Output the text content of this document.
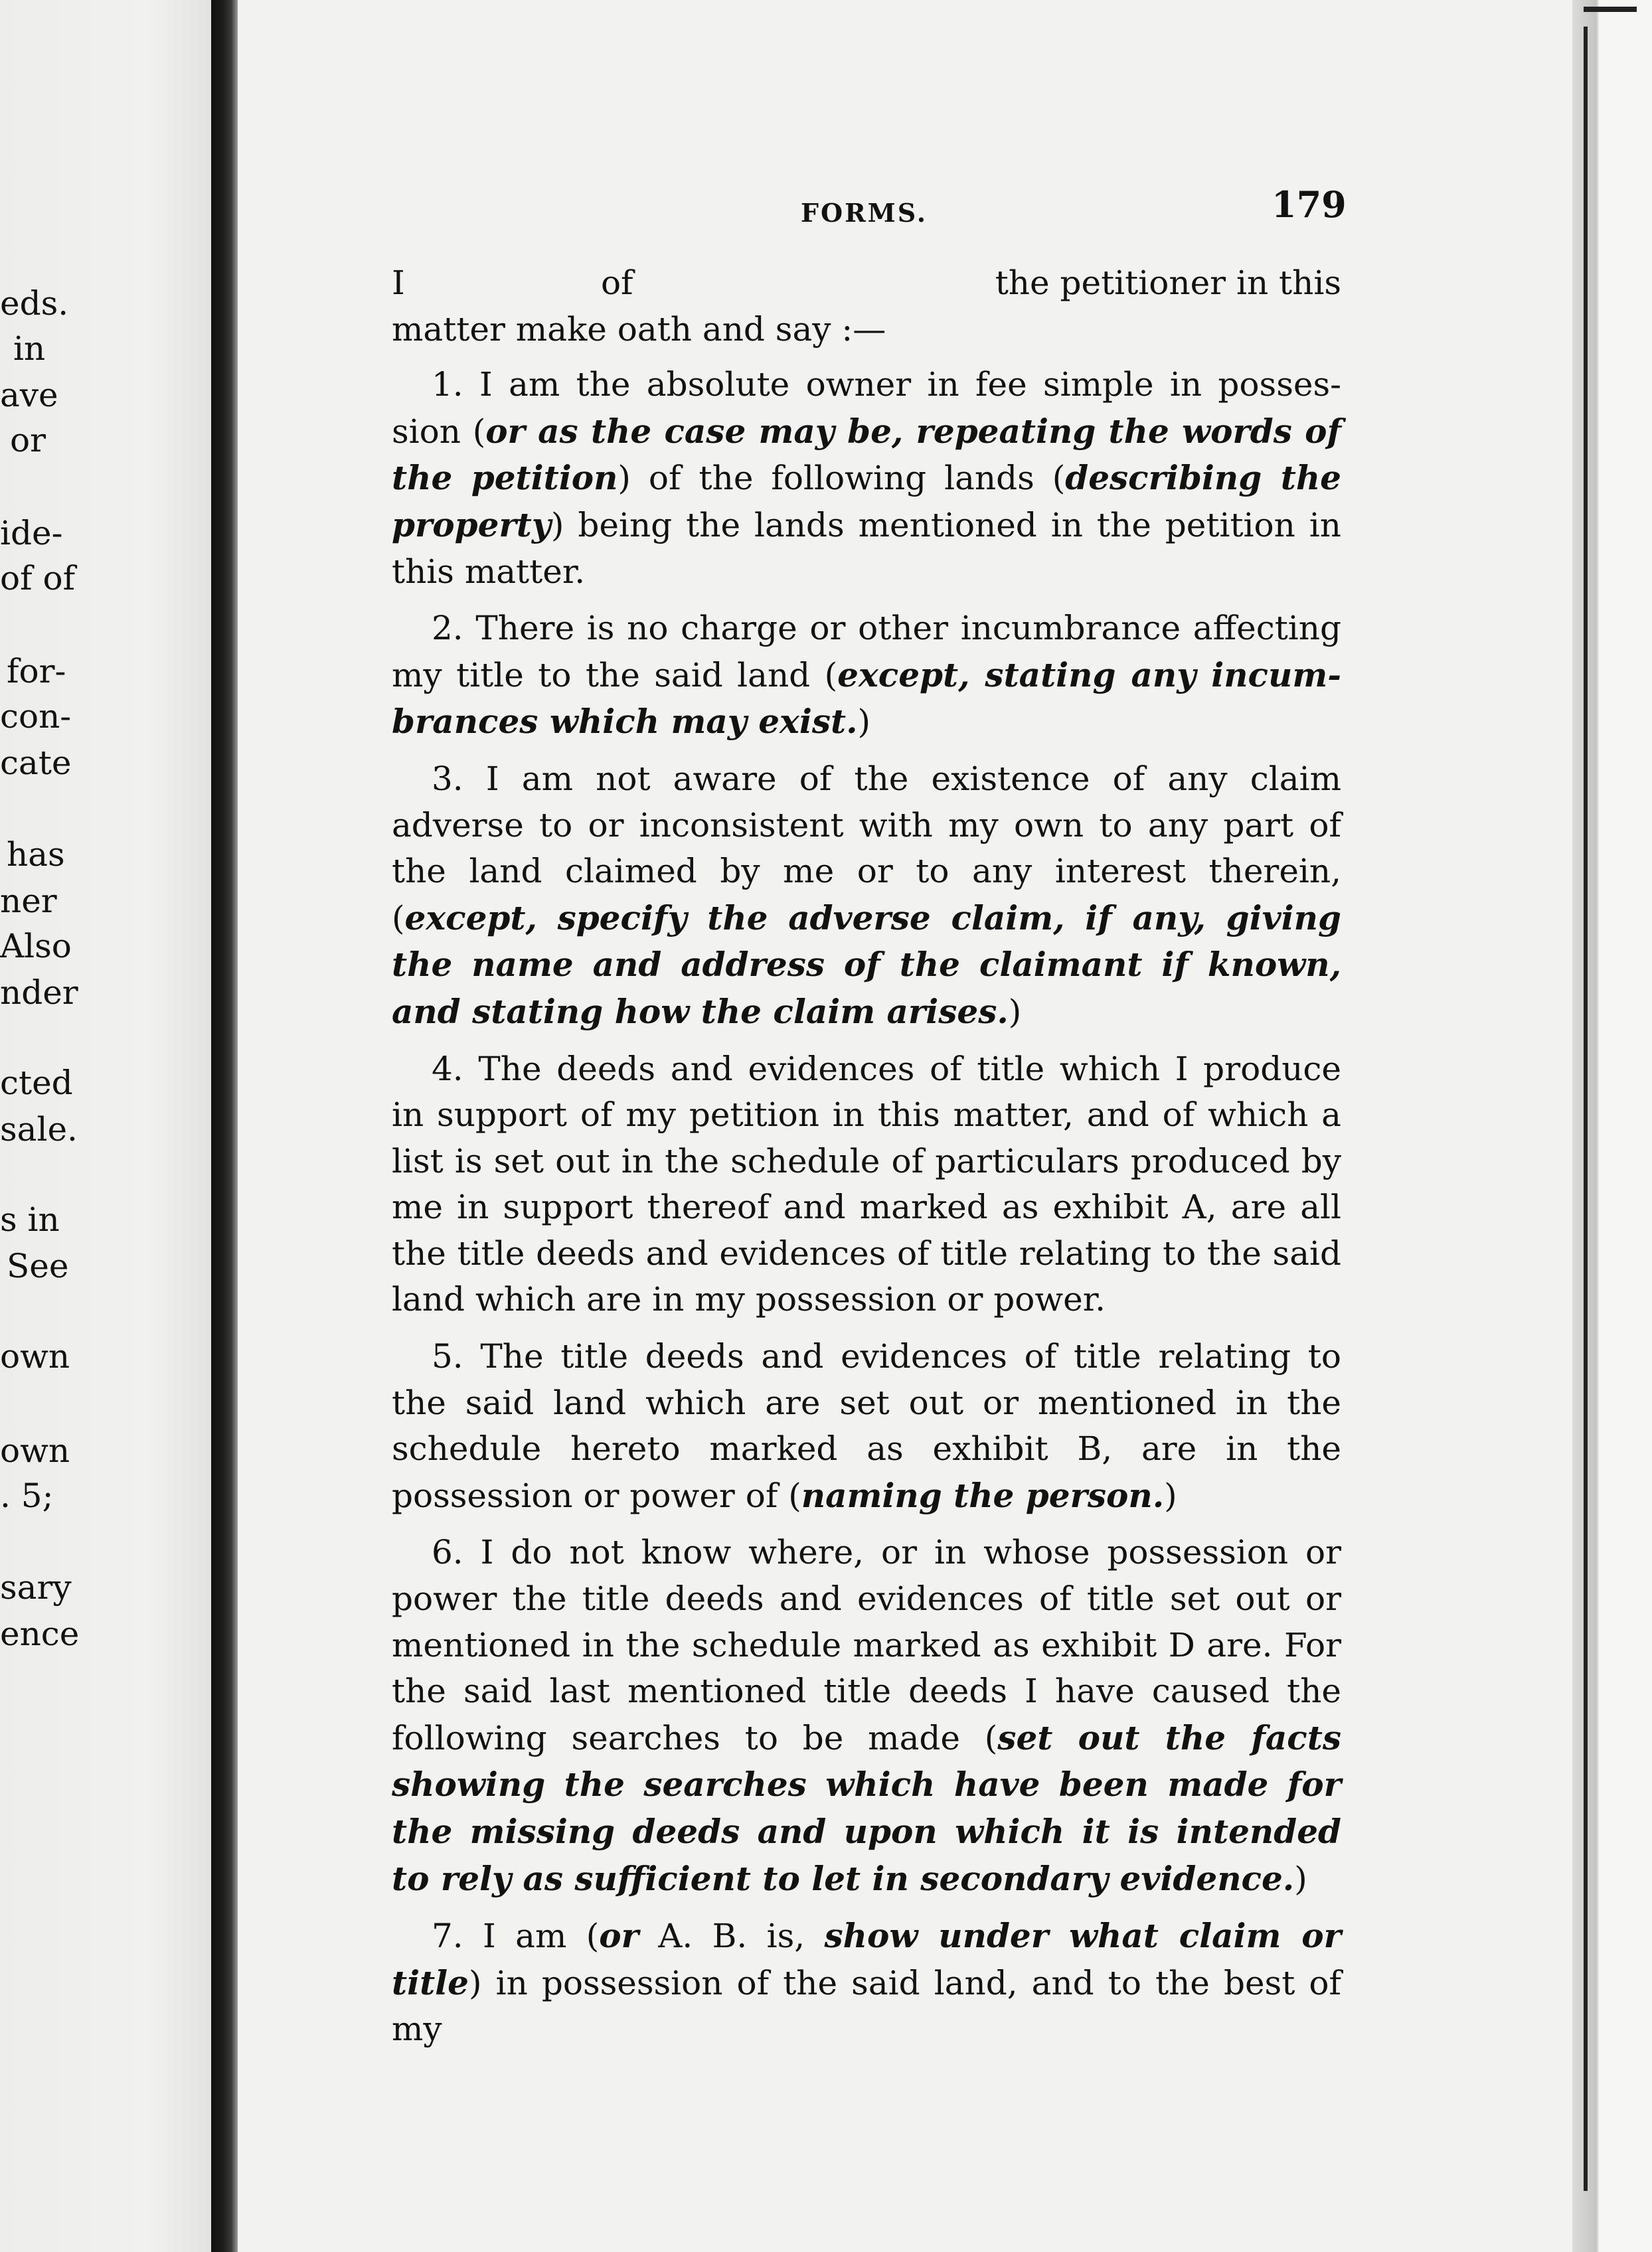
eds.
in
ave
or
ide-
of of
for-
con-
cate
has
ner
Also
nder
cted
sale.
s in
See
own
own
. 5;
sary
ence
FORMS.	179

I	of	the petitioner in this

matter make oath and say :—

1. I am the absolute owner in fee simple in posses-sion (or as the case may be, repeating the words of the petition) of the following lands (describing the property) being the lands mentioned in the petition in this matter.

2. There is no charge or other incumbrance affecting my title to the said land (except, stating any incum-brances which may exist.)

3. I am not aware of the existence of any claim adverse to or inconsistent with my own to any part of the land claimed by me or to any interest therein, (except, specify the adverse claim, if any, giving the name and address of the claimant if known, and stating how the claim arises.)

4. The deeds and evidences of title which I produce in support of my petition in this matter, and of which a list is set out in the schedule of particulars produced by me in support thereof and marked as exhibit A, are all the title deeds and evidences of title relating to the said land which are in my possession or power.

5. The title deeds and evidences of title relating to the said land which are set out or mentioned in the schedule hereto marked as exhibit B, are in the possession or power of (naming the person.)

6. I do not know where, or in whose possession or power the title deeds and evidences of title set out or mentioned in the schedule marked as exhibit D are. For the said last mentioned title deeds I have caused the following searches to be made (set out the facts showing the searches which have been made for the missing deeds and upon which it is intended to rely as sufficient to let in secondary evidence.)

7. I am (or A. B. is, show under what claim or title) in possession of the said land, and to the best of my
